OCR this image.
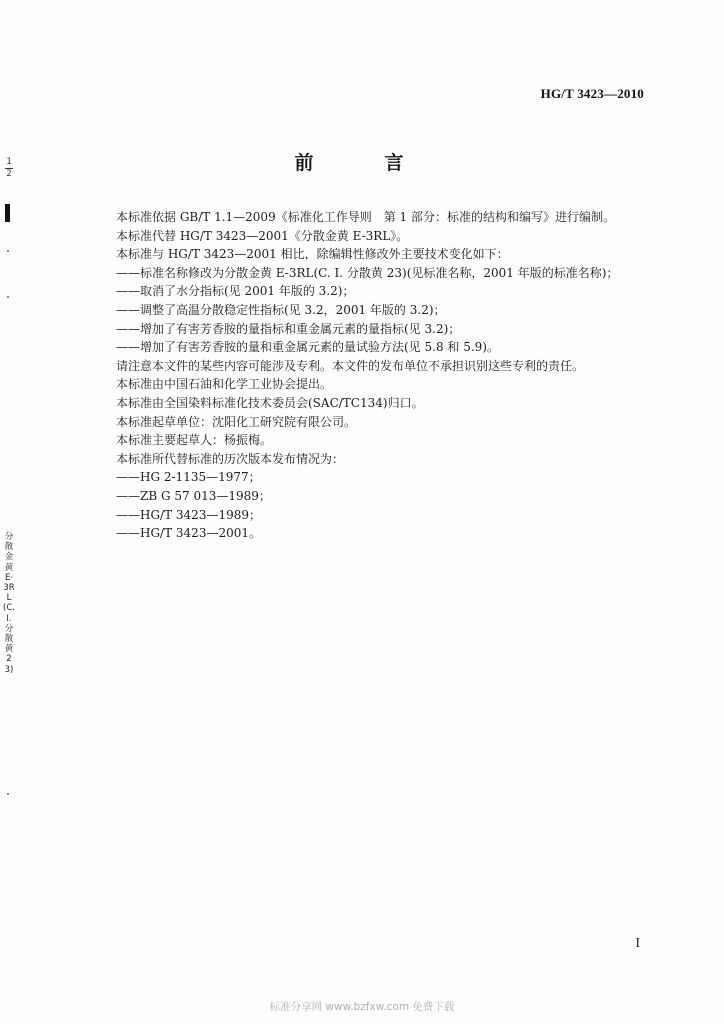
HG/T 3423—2010
前　言
本标准依据 GB/T 1.1—2009《标准化工作导则　第 1 部分：标准的结构和编写》进行编制。
本标准代替 HG/T 3423—2001《分散金黄 E-3RL》。
本标准与 HG/T 3423—2001 相比，除编辑性修改外主要技术变化如下：
——标准名称修改为分散金黄 E-3RL(C. I. 分散黄 23)(见标准名称，2001 年版的标准名称)；
——取消了水分指标(见 2001 年版的 3.2)；
——调整了高温分散稳定性指标(见 3.2，2001 年版的 3.2)；
——增加了有害芳香胺的量指标和重金属元素的量指标(见 3.2)；
——增加了有害芳香胺的量和重金属元素的量试验方法(见 5.8 和 5.9)。
请注意本文件的某些内容可能涉及专利。本文件的发布单位不承担识别这些专利的责任。
本标准由中国石油和化学工业协会提出。
本标准由全国染料标准化技术委员会(SAC/TC134)归口。
本标准起草单位：沈阳化工研究院有限公司。
本标准主要起草人：杨振梅。
本标准所代替标准的历次版本发布情况为：
——HG 2-1135—1977；
——ZB G 57 013—1989；
——HG/T 3423—1989；
——HG/T 3423—2001。
I
标准分享网 www.bzfxw.com 免费下载
1
2
分散金黄E·3RL(C.I.分散黄23)
